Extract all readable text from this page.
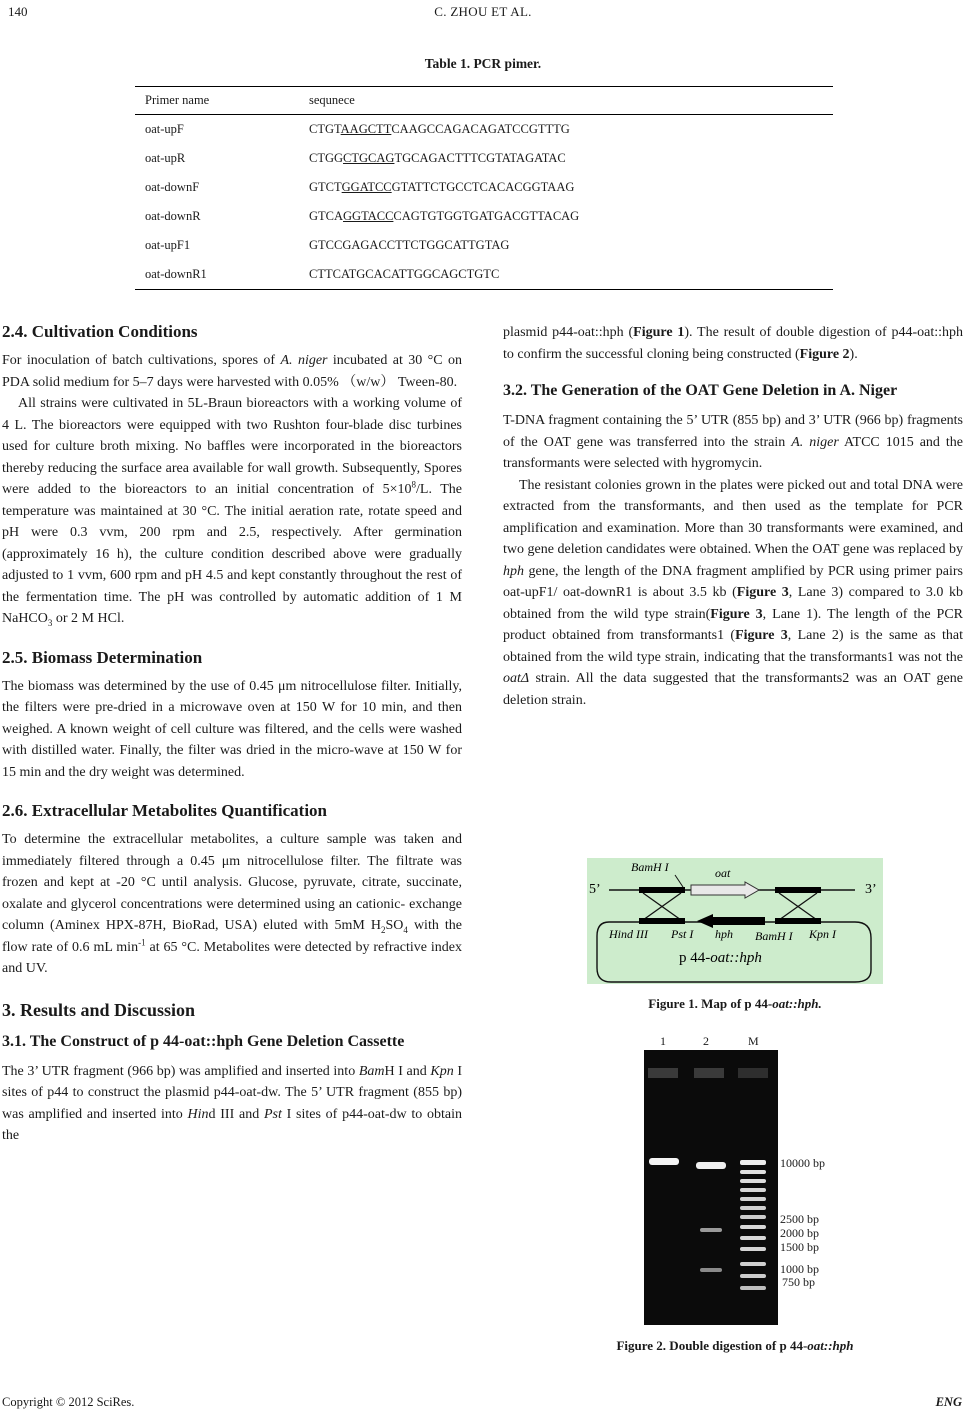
140	C. ZHOU ET AL.
Table 1. PCR pimer.
Primer name	sequnece
oat-upF	CTGTAAGCTTCAAGCCAGACAGATCCGTTTG
oat-upR	CTGGCTGCAGTGCAGACTTTCGTATAGATAC
oat-downF	GTCTGGATCCGTATTCTGCCTCACACGGTAAG
oat-downR	GTCAGGTACCCAGTGTGGTGATGACGTTACAG
oat-upF1	GTCCGAGACCTTCTGGCATTGTAG
oat-downR1	CTTCATGCACATTGGCAGCTGTC
2.4. Cultivation Conditions

For inoculation of batch cultivations, spores of A. niger incubated at 30 °C on PDA solid medium for 5–7 days were harvested with 0.05% （w/w） Tween-80.

All strains were cultivated in 5L-Braun bioreactors with a working volume of 4 L. The bioreactors were equipped with two Rushton four-blade disc turbines used for culture broth mixing. No baffles were incorporated in the bioreactors thereby reducing the surface area available for wall growth. Subsequently, Spores were added to the bioreactors to an initial concentration of $5\times 10^8/L$. The temperature was maintained at 30 °C. The initial aeration rate, rotate speed and pH were 0.3 vvm, 200 rpm and 2.5, respectively. After germination (approximately 16 h), the culture condition described above were gradually adjusted to 1 vvm, 600 rpm and pH 4.5 and kept constantly throughout the rest of the fermentation time. The pH was controlled by automatic addition of 1 M NaHCO$_3$ or 2 M HCl.

2.5. Biomass Determination

The biomass was determined by the use of 0.45 μm nitrocellulose filter. Initially, the filters were pre-dried in a microwave oven at 150 W for 10 min, and then weighed. A known weight of cell culture was filtered, and the cells were washed with distilled water. Finally, the filter was dried in the micro-wave at 150 W for 15 min and the dry weight was determined.

2.6. Extracellular Metabolites Quantification

To determine the extracellular metabolites, a culture sample was taken and immediately filtered through a 0.45 μm nitrocellulose filter. The filtrate was frozen and kept at -20 °C until analysis. Glucose, pyruvate, citrate, succinate, oxalate and glycerol concentrations were determined using an cationic- exchange column (Aminex HPX-87H, BioRad, USA) eluted with 5mM $H_2SO_4$ with the flow rate of 0.6 mL $\min^{-1}$ at 65 °C. Metabolites were detected by refractive index and UV.

3. Results and Discussion
3.1. The Construct of p 44-oat::hph Gene Deletion Cassette

The 3’ UTR fragment (966 bp) was amplified and inserted into BamH I and Kpn I sites of p44 to construct the plasmid p44-oat-dw. The 5’ UTR fragment (855 bp) was amplified and inserted into Hind III and Pst I sites of p44-oat-dw to obtain the

plasmid p44-oat::hph (Figure 1). The result of double digestion of p44-oat::hph to confirm the successful cloning being constructed (Figure 2).

3.2. The Generation of the OAT Gene Deletion in A. Niger

T-DNA fragment containing the 5’ UTR (855 bp) and 3’ UTR (966 bp) fragments of the OAT gene was transferred into the strain A. niger ATCC 1015 and the transformants were selected with hygromycin.

The resistant colonies grown in the plates were picked out and total DNA were extracted from the transformants, and then used as the template for PCR amplification and examination. More than 30 transformants were examined, and two gene deletion candidates were obtained. When the OAT gene was replaced by hph gene, the length of the DNA fragment amplified by PCR using primer pairs oat-upF1/ oat-downR1 is about 3.5 kb (Figure 3, Lane 3) compared to 3.0 kb obtained from the wild type strain(Figure 3, Lane 1). The length of the PCR product obtained from transformants1 (Figure 3, Lane 2) is the same as that obtained from the wild type strain, indicating that the transformants1 was not the oatΔ strain. All the data suggested that the transformants2 was an OAT gene deletion strain.

BamH I	oat
5’	3’
Hind III Pst I hph BamH I Kpn I
p 44-oat::hph
Figure 1. Map of p 44-oat::hph.
1	2	M
10000 bp
2500 bp
2000 bp
1500 bp
1000 bp
750 bp
Figure 2. Double digestion of p 44-oat::hph
Copyright © 2012 SciRes.	ENG
